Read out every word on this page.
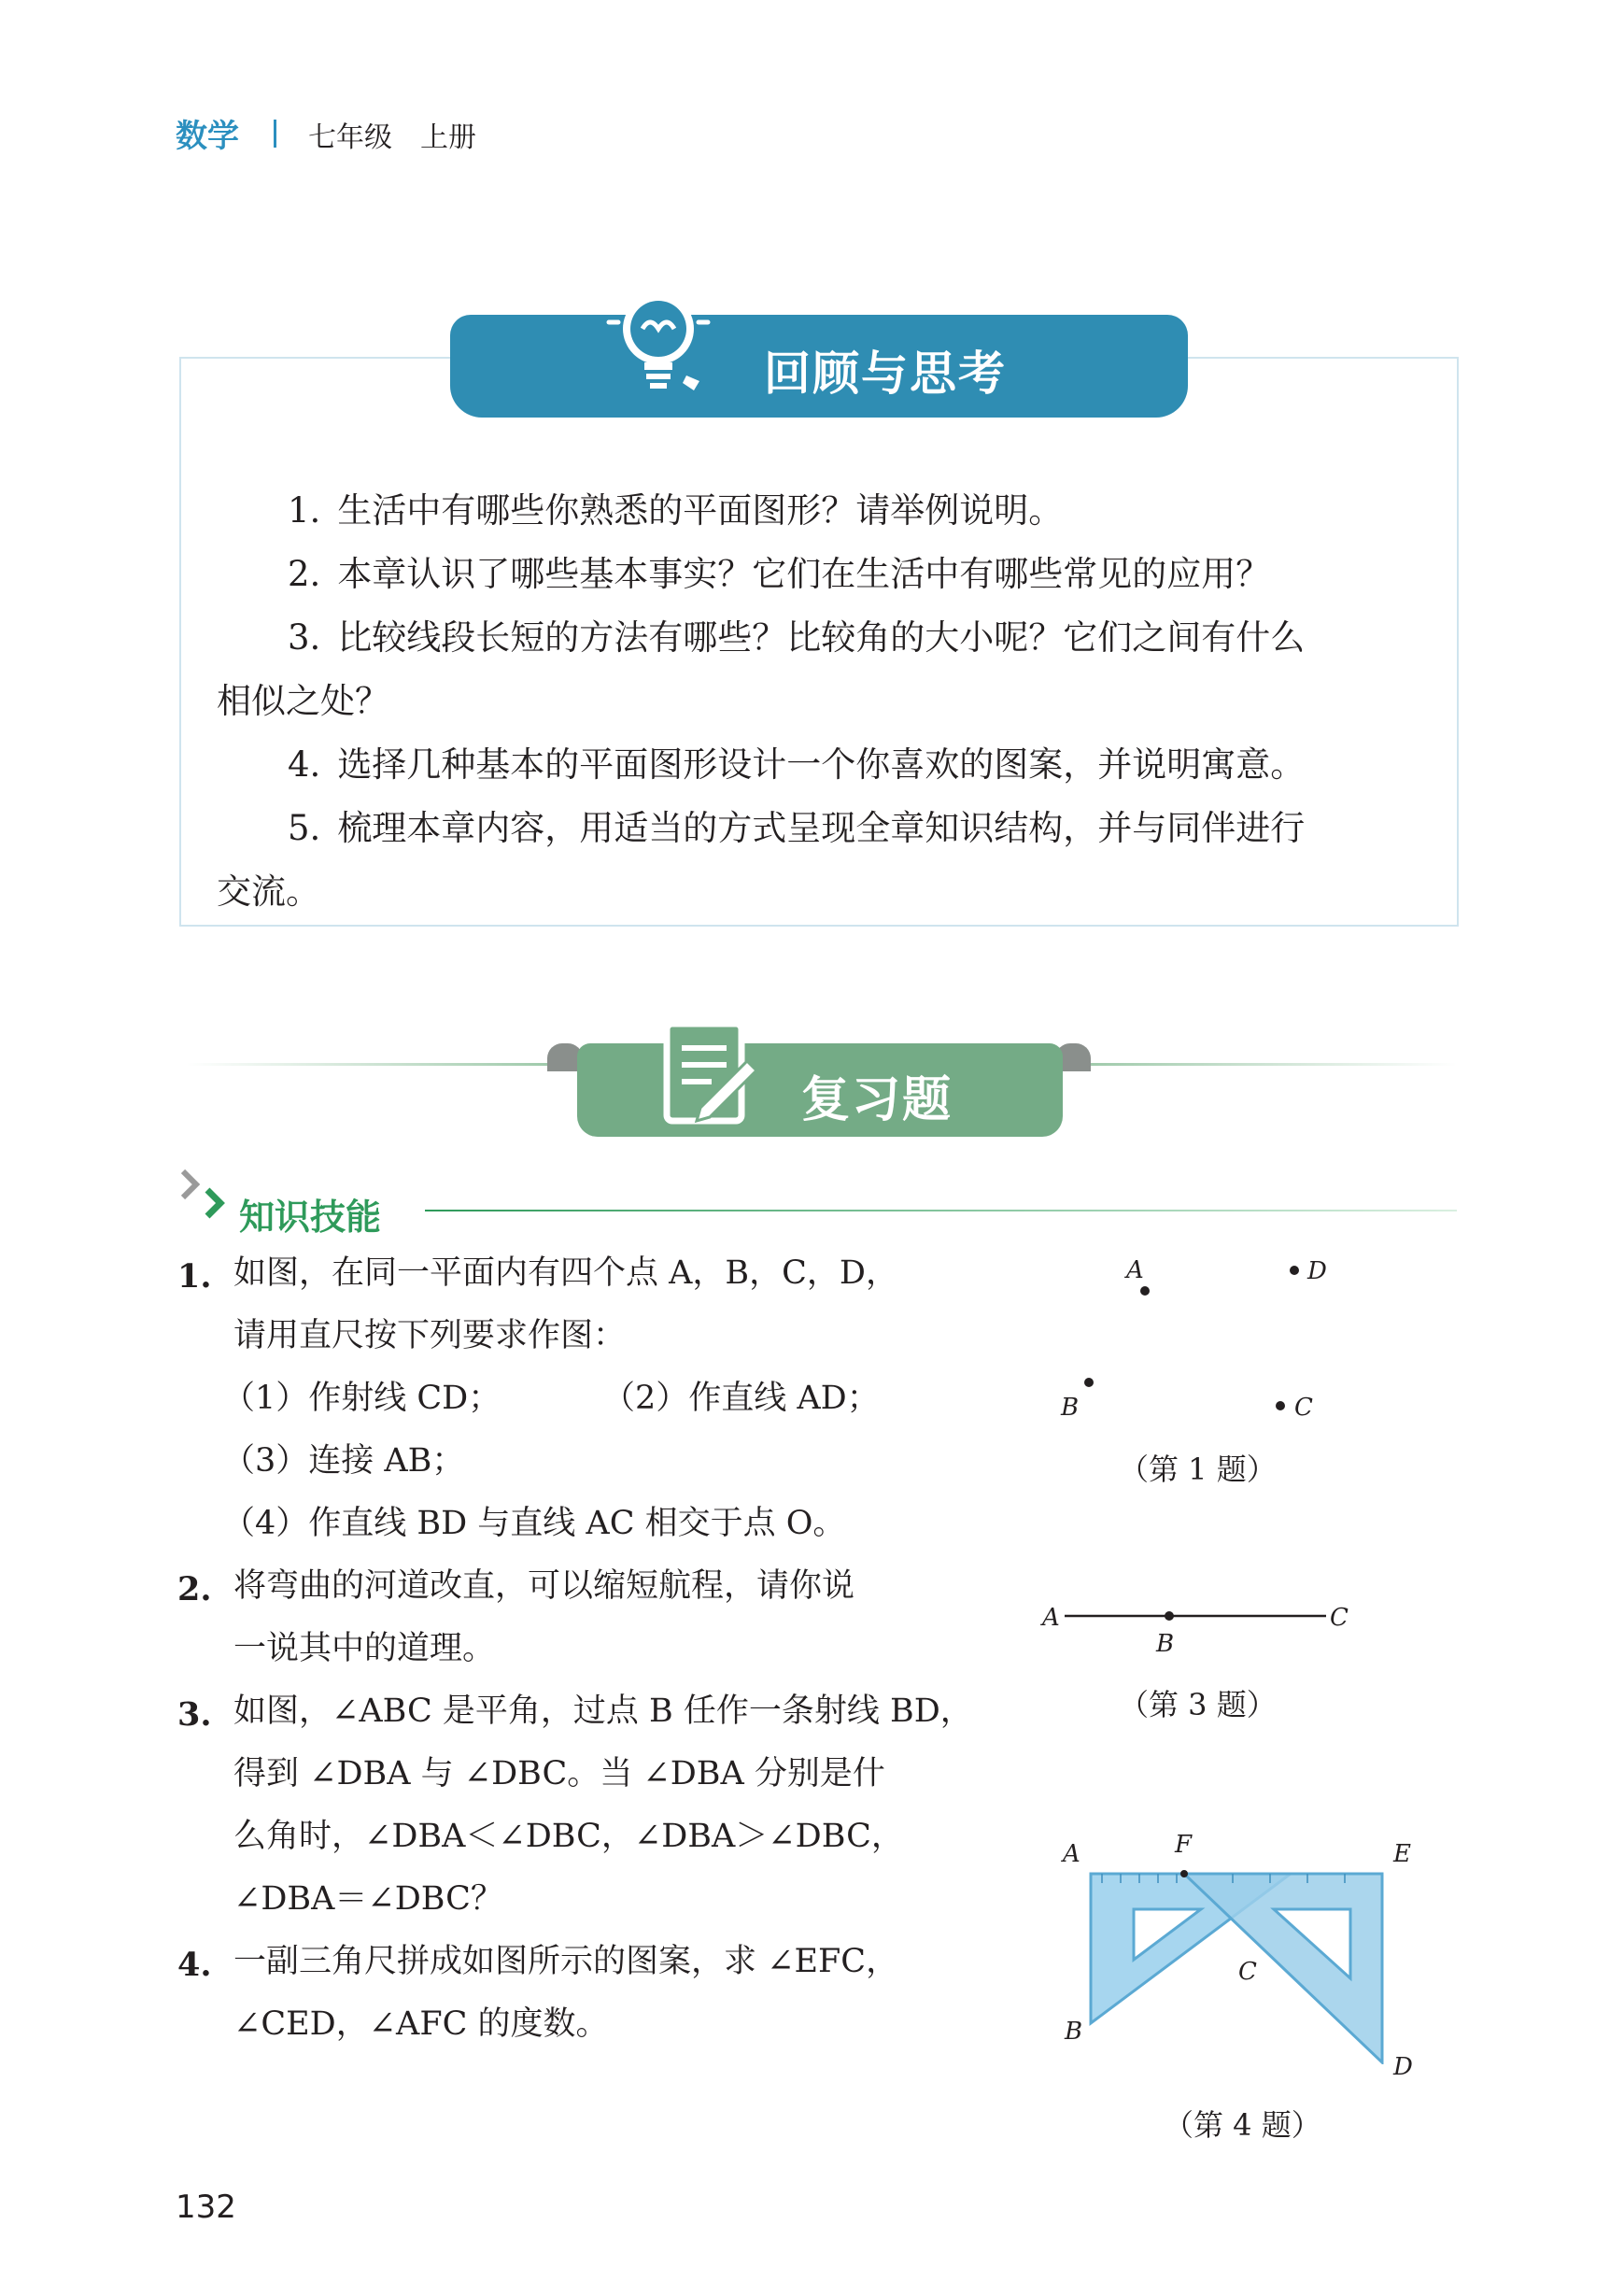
数学 七年级　上册
回顾与思考
1. 生活中有哪些你熟悉的平面图形？请举例说明。
2. 本章认识了哪些基本事实？它们在生活中有哪些常见的应用？
3. 比较线段长短的方法有哪些？比较角的大小呢？它们之间有什么
相似之处？
4. 选择几种基本的平面图形设计一个你喜欢的图案，并说明寓意。
5. 梳理本章内容，用适当的方式呈现全章知识结构，并与同伴进行
交流。
复习题
知识技能
1. 如图，在同一平面内有四个点 A，B，C，D，
请用直尺按下列要求作图：
（1）作射线 CD；	（2）作直线 AD；
（3）连接 AB；
（4）作直线 BD 与直线 AC 相交于点 O。
2. 将弯曲的河道改直，可以缩短航程，请你说
一说其中的道理。
3. 如图，∠ABC 是平角，过点 B 任作一条射线 BD，
得到 ∠DBA 与 ∠DBC。当 ∠DBA 分别是什
么角时，∠DBA＜∠DBC，∠DBA＞∠DBC，
∠DBA＝∠DBC？
4. 一副三角尺拼成如图所示的图案，求 ∠EFC，
∠CED，∠AFC 的度数。
A	D
B	C
（第 1 题）
A
B
C
（第 3 题）
A	F	E
C
B
D
（第 4 题）
132
